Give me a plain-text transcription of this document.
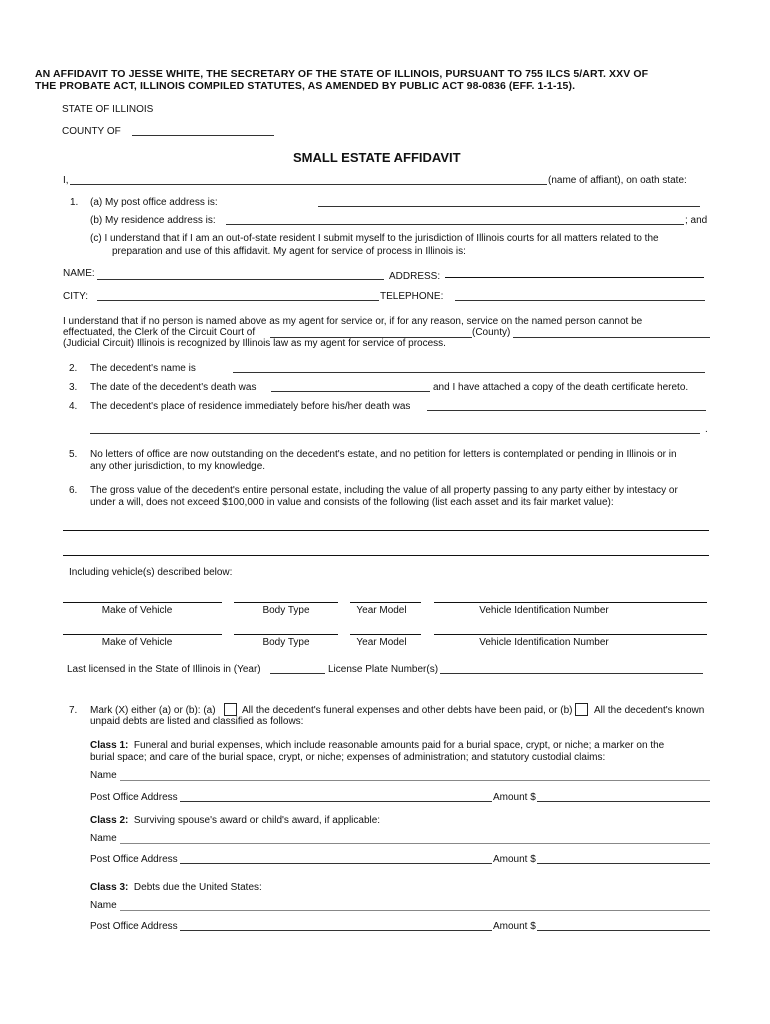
AN AFFIDAVIT TO JESSE WHITE, THE SECRETARY OF THE STATE OF ILLINOIS, PURSUANT TO 755 ILCS 5/ART. XXV OF
THE PROBATE ACT, ILLINOIS COMPILED STATUTES, AS AMENDED BY PUBLIC ACT 98-0836 (EFF. 1-1-15).
STATE OF ILLINOIS
COUNTY OF
SMALL ESTATE AFFIDAVIT
I,	(name of affiant), on oath state:
1. (a) My post office address is:
(b) My residence address is:	; and
(c) I understand that if I am an out-of-state resident I submit myself to the jurisdiction of Illinois courts for all matters related to the
preparation and use of this affidavit. My agent for service of process in Illinois is:
NAME:	ADDRESS:
CITY:	TELEPHONE:
I understand that if no person is named above as my agent for service or, if for any reason, service on the named person cannot be
effectuated, the Clerk of the Circuit Court of	(County)
(Judicial Circuit) Illinois is recognized by Illinois law as my agent for service of process.
2. The decedent's name is
3. The date of the decedent's death was	and I have attached a copy of the death certificate hereto.
4. The decedent's place of residence immediately before his/her death was
.
5. No letters of office are now outstanding on the decedent's estate, and no petition for letters is contemplated or pending in Illinois or in
any other jurisdiction, to my knowledge.
6. The gross value of the decedent's entire personal estate, including the value of all property passing to any party either by intestacy or
under a will, does not exceed $100,000 in value and consists of the following (list each asset and its fair market value):
Including vehicle(s) described below:
Make of Vehicle	Body Type	Year Model	Vehicle Identification Number
Make of Vehicle	Body Type	Year Model	Vehicle Identification Number
Last licensed in the State of Illinois in (Year)	License Plate Number(s)
7. Mark (X) either (a) or (b): (a)	All the decedent's funeral expenses and other debts have been paid, or (b) All the decedent's known
unpaid debts are listed and classified as follows:
Class 1: Funeral and burial expenses, which include reasonable amounts paid for a burial space, crypt, or niche; a marker on the
burial space; and care of the burial space, crypt, or niche; expenses of administration; and statutory custodial claims:
Name
Post Office Address	Amount $
Class 2: Surviving spouse's award or child's award, if applicable:
Name
Post Office Address	Amount $
Class 3: Debts due the United States:
Name
Post Office Address	Amount $
